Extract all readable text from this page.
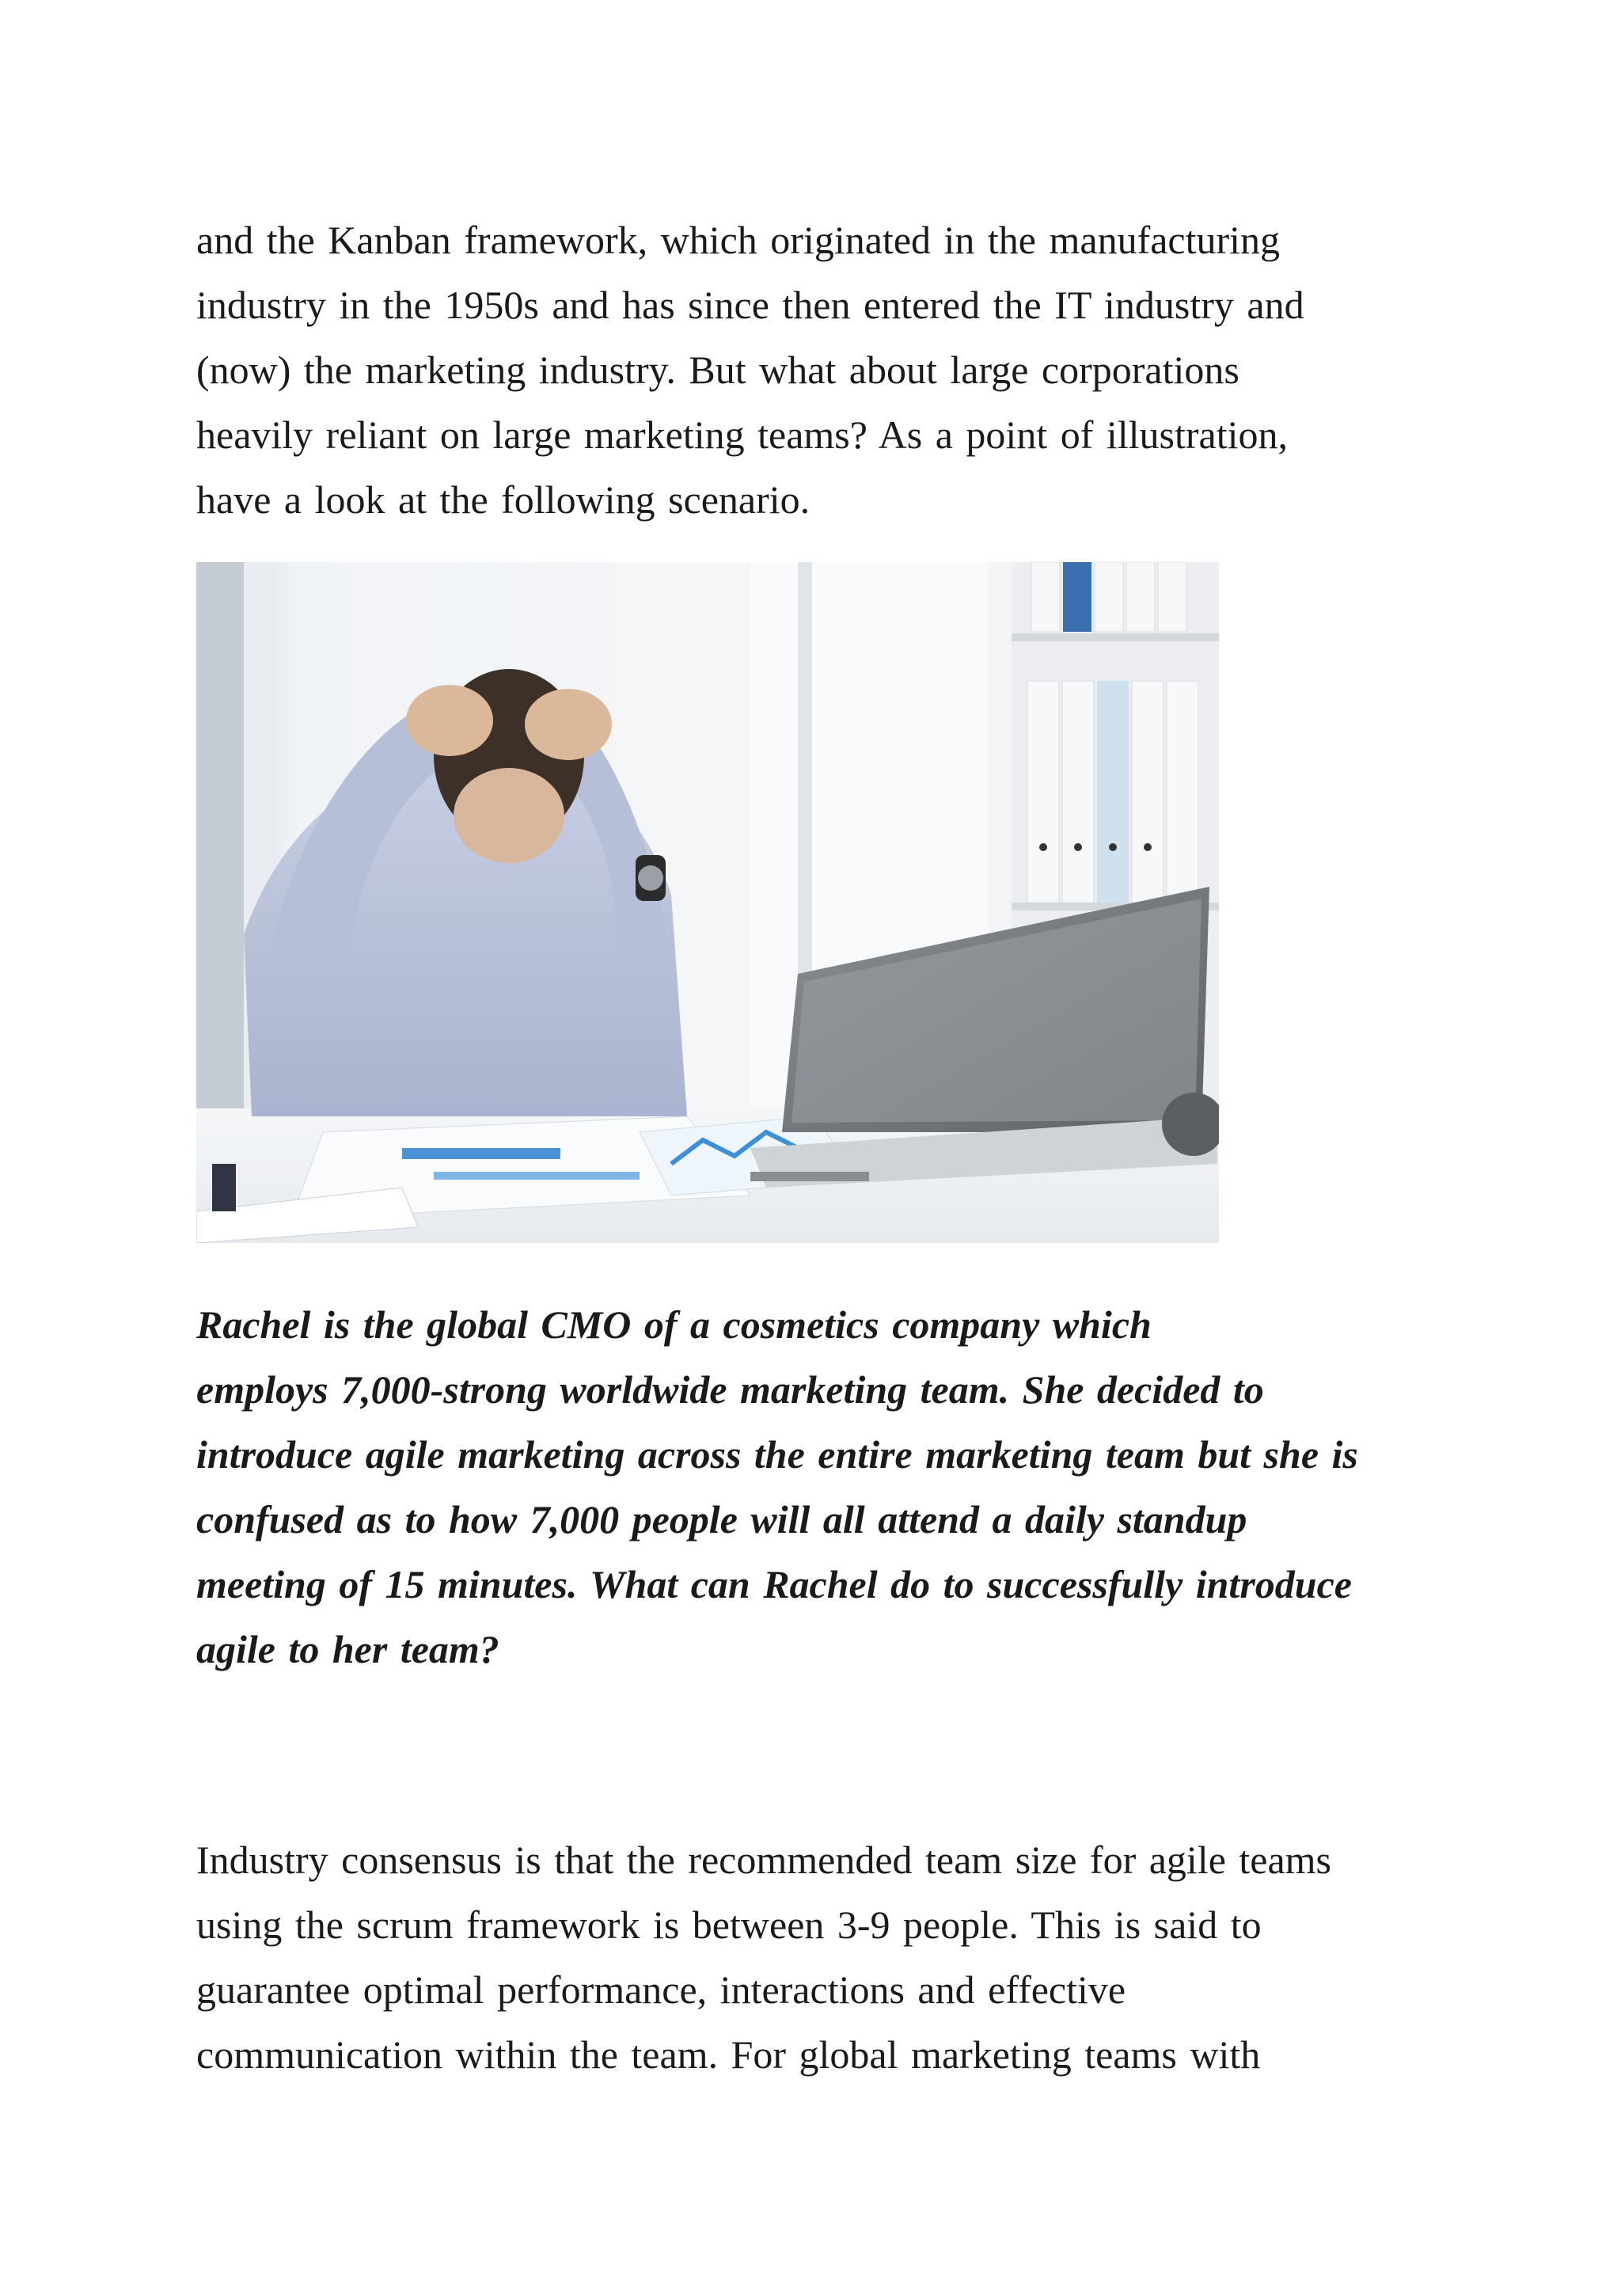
and the Kanban framework, which originated in the manufacturing
industry in the 1950s and has since then entered the IT industry and
(now) the marketing industry. But what about large corporations
heavily reliant on large marketing teams? As a point of illustration,
have a look at the following scenario.

Rachel is the global CMO of a cosmetics company which
employs 7,000-strong worldwide marketing team. She decided to
introduce agile marketing across the entire marketing team but she is
confused as to how 7,000 people will all attend a daily standup
meeting of 15 minutes. What can Rachel do to successfully introduce
agile to her team?

Industry consensus is that the recommended team size for agile teams
using the scrum framework is between 3-9 people. This is said to
guarantee optimal performance, interactions and effective
communication within the team. For global marketing teams with
